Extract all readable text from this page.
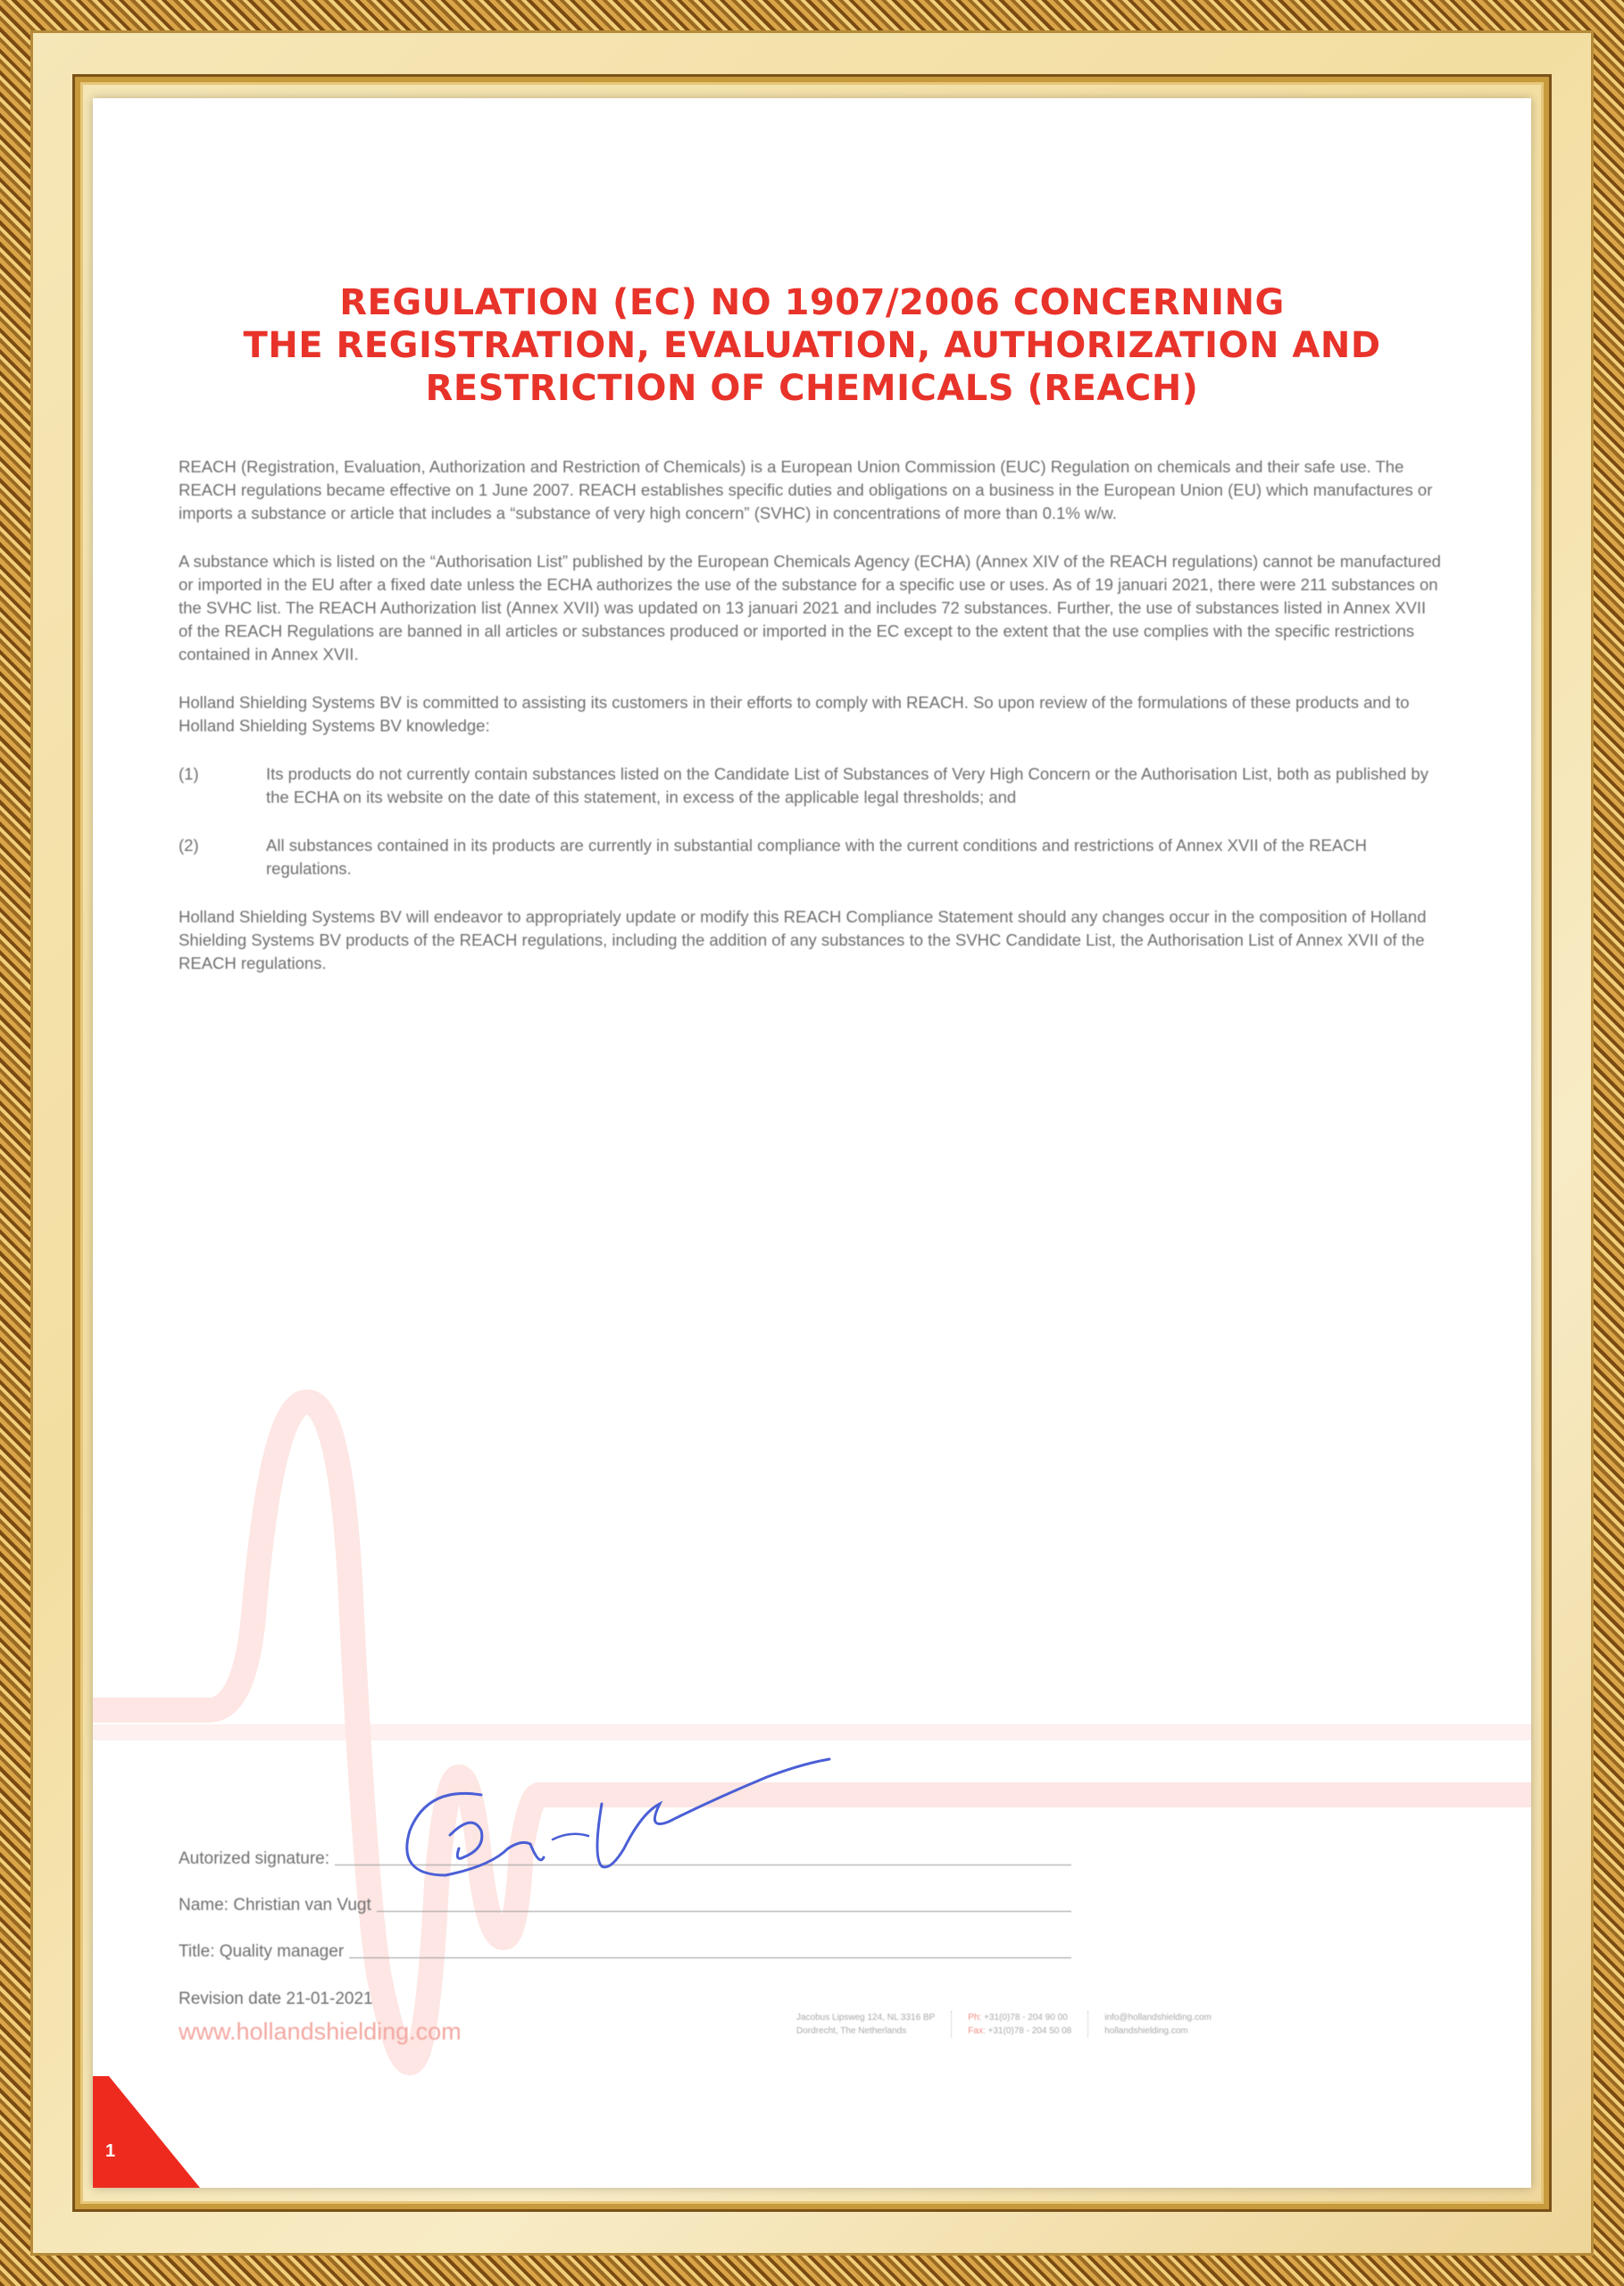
REGULATION (EC) NO 1907/2006 CONCERNING
THE REGISTRATION, EVALUATION, AUTHORIZATION AND
RESTRICTION OF CHEMICALS (REACH)

REACH (Registration, Evaluation, Authorization and Restriction of Chemicals) is a European Union Commission (EUC) Regulation on chemicals and their safe use. The REACH regulations became effective on 1 June 2007. REACH establishes specific duties and obligations on a business in the European Union (EU) which manufactures or imports a substance or article that includes a “substance of very high concern” (SVHC) in concentrations of more than 0.1% w/w.

A substance which is listed on the “Authorisation List” published by the European Chemicals Agency (ECHA) (Annex XIV of the REACH regulations) cannot be manufactured or imported in the EU after a fixed date unless the ECHA authorizes the use of the substance for a specific use or uses. As of 19 januari 2021, there were 211 substances on the SVHC list. The REACH Authorization list (Annex XVII) was updated on 13 januari 2021 and includes 72 substances. Further, the use of substances listed in Annex XVII of the REACH Regulations are banned in all articles or substances produced or imported in the EC except to the extent that the use complies with the specific restrictions contained in Annex XVII.

Holland Shielding Systems BV is committed to assisting its customers in their efforts to comply with REACH. So upon review of the formulations of these products and to Holland Shielding Systems BV knowledge:

(1)	Its products do not currently contain substances listed on the Candidate List of Substances of Very High Concern or the Authorisation List, both as published by the ECHA on its website on the date of this statement, in excess of the applicable legal thresholds; and
(2)	All substances contained in its products are currently in substantial compliance with the current conditions and restrictions of Annex XVII of the REACH regulations.

Holland Shielding Systems BV will endeavor to appropriately update or modify this REACH Compliance Statement should any changes occur in the composition of Holland Shielding Systems BV products of the REACH regulations, including the addition of any substances to the SVHC Candidate List, the Authorisation List of Annex XVII of the REACH regulations.

Autorized signature:
Name: Christian van Vugt
Title: Quality manager
Revision date 21-01-2021
www.hollandshielding.com
Jacobus Lipsweg 124, NL 3316 BP
Dordrecht, The Netherlands
Ph: +31(0)78 - 204 90 00
Fax: +31(0)78 - 204 50 08
info@hollandshielding.com
hollandshielding.com
1
